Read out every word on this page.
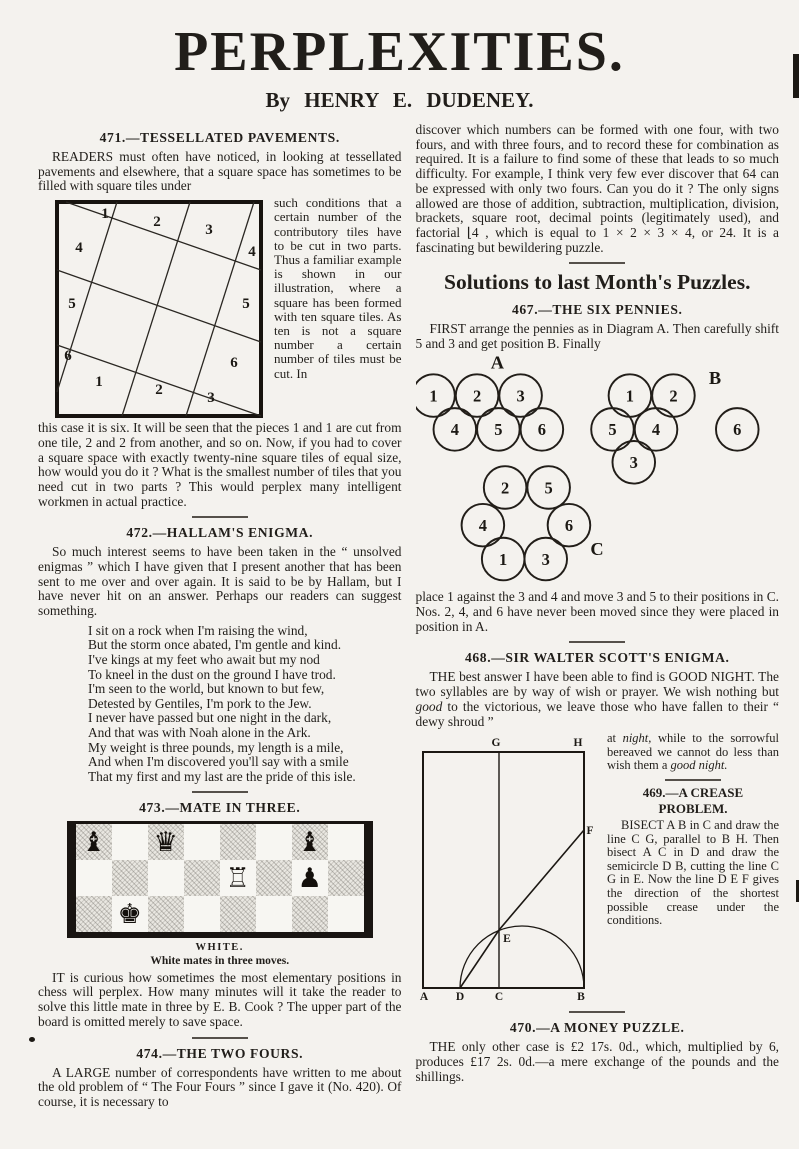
PERPLEXITIES.
By HENRY E. DUDENEY.
471.—TESSELLATED PAVEMENTS.

READERS must often have noticed, in looking at tessellated pavements and elsewhere, that a square space has sometimes to be filled with square tiles under

1	2	3
4
5
6
4
5
6
1	2	3

such conditions that a certain number of the contributory tiles have to be cut in two parts. Thus a familiar example is shown in our illustration, where a square has been formed with ten square tiles. As ten is not a square number a certain number of tiles must be cut. In

this case it is six. It will be seen that the pieces 1 and 1 are cut from one tile, 2 and 2 from another, and so on. Now, if you had to cover a square space with exactly twenty-nine square tiles of equal size, how would you do it ? What is the smallest number of tiles that you need cut in two parts ? This would perplex many intelligent workmen in actual practice.

472.—HALLAM'S ENIGMA.

So much interest seems to have been taken in the “ unsolved enigmas ” which I have given that I present another that has been sent to me over and over again. It is said to be by Hallam, but I have never hit on an answer. Perhaps our readers can suggest something.

I sit on a rock when I'm raising the wind,
But the storm once abated, I'm gentle and kind.
I've kings at my feet who await but my nod
To kneel in the dust on the ground I have trod.
I'm seen to the world, but known to but few,
Detested by Gentiles, I'm pork to the Jew.
I never have passed but one night in the dark,
And that was with Noah alone in the Ark.
My weight is three pounds, my length is a mile,
And when I'm discovered you'll say with a smile
That my first and my last are the pride of this isle.
473.—MATE IN THREE.
♝ ♛	♝
♖ ♟
♚
WHITE.
White mates in three moves.

IT is curious how sometimes the most elementary positions in chess will perplex. How many minutes will it take the reader to solve this little mate in three by E. B. Cook ? The upper part of the board is omitted merely to save space.

474.—THE TWO FOURS.

A LARGE number of correspondents have written to me about the old problem of “ The Four Fours ” since I gave it (No. 420). Of course, it is necessary to

discover which numbers can be formed with one four, with two fours, and with three fours, and to record these for combination as required. It is a failure to find some of these that leads to so much difficulty. For example, I think very few ever discover that 64 can be expressed with only two fours. Can you do it ? The only signs allowed are those of addition, subtraction, multiplication, division, brackets, square root, decimal points (legitimately used), and factorial ⌊4 , which is equal to 1 × 2 × 3 × 4, or 24. It is a fascinating but bewildering puzzle.

Solutions to last Month's Puzzles.
467.—THE SIX PENNIES.

FIRST arrange the pennies as in Diagram A. Then carefully shift 5 and 3 and get position B. Finally

1 2 3
4 5 6
1 2
5 4
3
6
2 5
4	6
1 3
A
B
C

place 1 against the 3 and 4 and move 3 and 5 to their positions in C. Nos. 2, 4, and 6 have never been moved since they were placed in position in A.

468.—SIR WALTER SCOTT'S ENIGMA.

THE best answer I have been able to find is GOOD NIGHT. The two syllables are by way of wish or prayer. We wish nothing but good to the victorious, we leave those who have fallen to their “ dewy shroud ”

G	H
F
E
A D	C	B

at night, while to the sorrowful bereaved we cannot do less than wish them a good night.

469.—A CREASE
PROBLEM.

BISECT A B in C and draw the line C G, parallel to B H. Then bisect A C in D and draw the semicircle D B, cutting the line C G in E. Now the line D E F gives the direction of the shortest possible crease under the conditions.

470.—A MONEY PUZZLE.

THE only other case is £2 17s. 0d., which, multiplied by 6, produces £17 2s. 0d.—a mere exchange of the pounds and the shillings.
